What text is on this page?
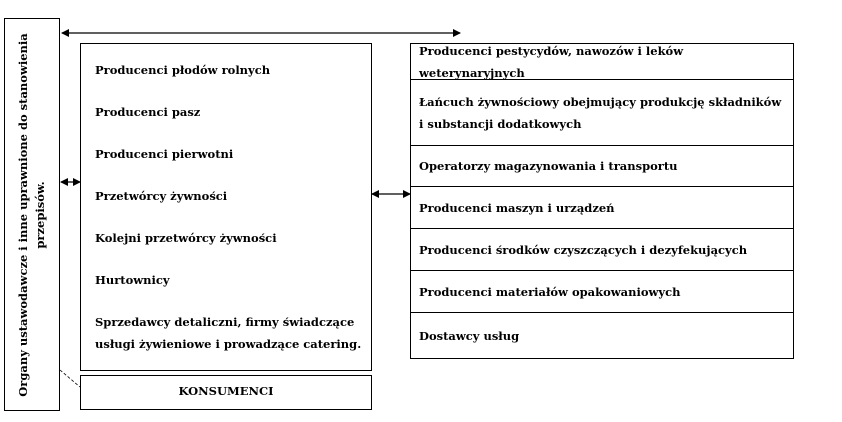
Organy ustawodawcze i inne uprawnione do stanowienia przepisów.
Producenci płodów rolnych
Producenci pasz
Producenci pierwotni
Przetwórcy żywności
Kolejni przetwórcy żywności
Hurtownicy
Sprzedawcy detaliczni, firmy świadczące
usługi żywieniowe i prowadzące catering.
KONSUMENCI
Producenci pestycydów, nawozów i leków weterynaryjnych
Łańcuch żywnościowy obejmujący produkcję składników i substancji dodatkowych
Operatorzy magazynowania i transportu
Producenci maszyn i urządzeń
Producenci środków czyszczących i dezyfekujących
Producenci materiałów opakowaniowych
Dostawcy usług
